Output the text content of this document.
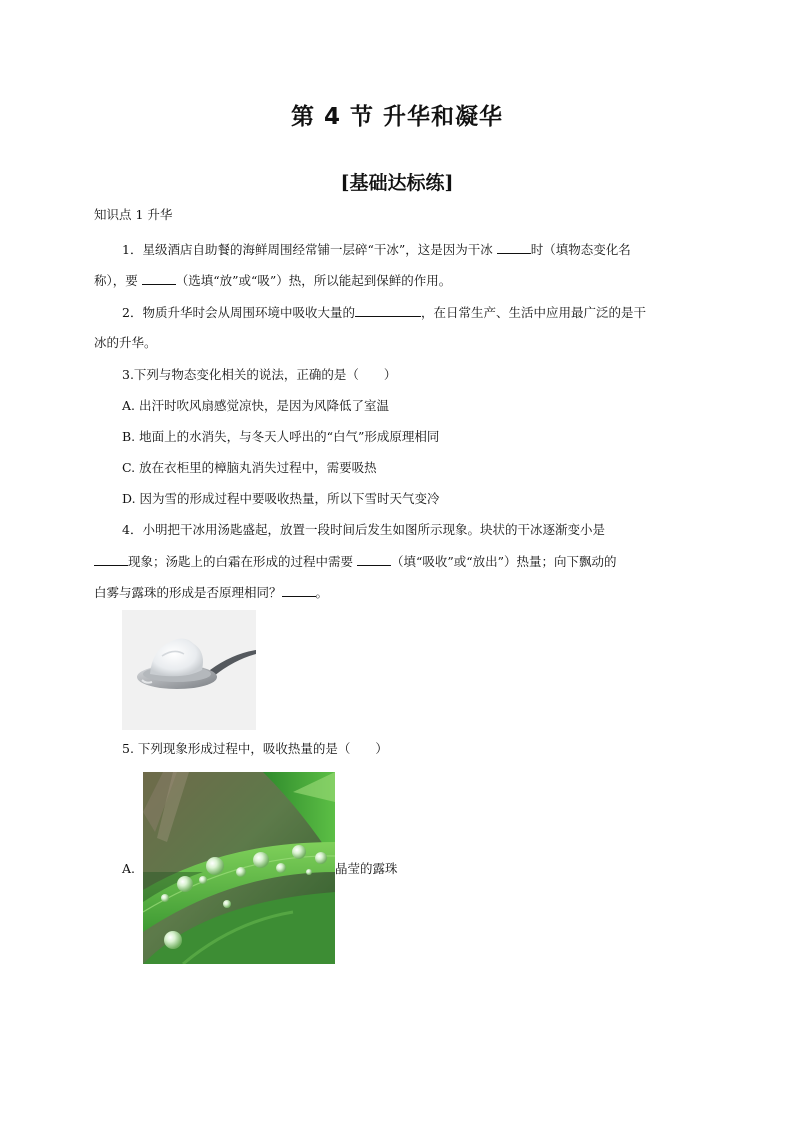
第 4 节 升华和凝华
[基础达标练]
知识点 1 升华
1．星级酒店自助餐的海鲜周围经常铺一层碎“干冰”，这是因为干冰	时（填物态变化名
称），要	（选填“放”或“吸”）热，所以能起到保鲜的作用。
2．物质升华时会从周围环境中吸收大量的	，在日常生产、生活中应用最广泛的是干
冰的升华。
3.下列与物态变化相关的说法，正确的是（　　）
A. 出汗时吹风扇感觉凉快，是因为风降低了室温
B. 地面上的水消失，与冬天人呼出的“白气”形成原理相同
C. 放在衣柜里的樟脑丸消失过程中，需要吸热
D. 因为雪的形成过程中要吸收热量，所以下雪时天气变冷
4．小明把干冰用汤匙盛起，放置一段时间后发生如图所示现象。块状的干冰逐渐变小是
现象；汤匙上的白霜在形成的过程中需要	（填“吸收”或“放出”）热量；向下飘动的
白雾与露珠的形成是否原理相同？	。
5. 下列现象形成过程中，吸收热量的是（　　）
A.	晶莹的露珠
